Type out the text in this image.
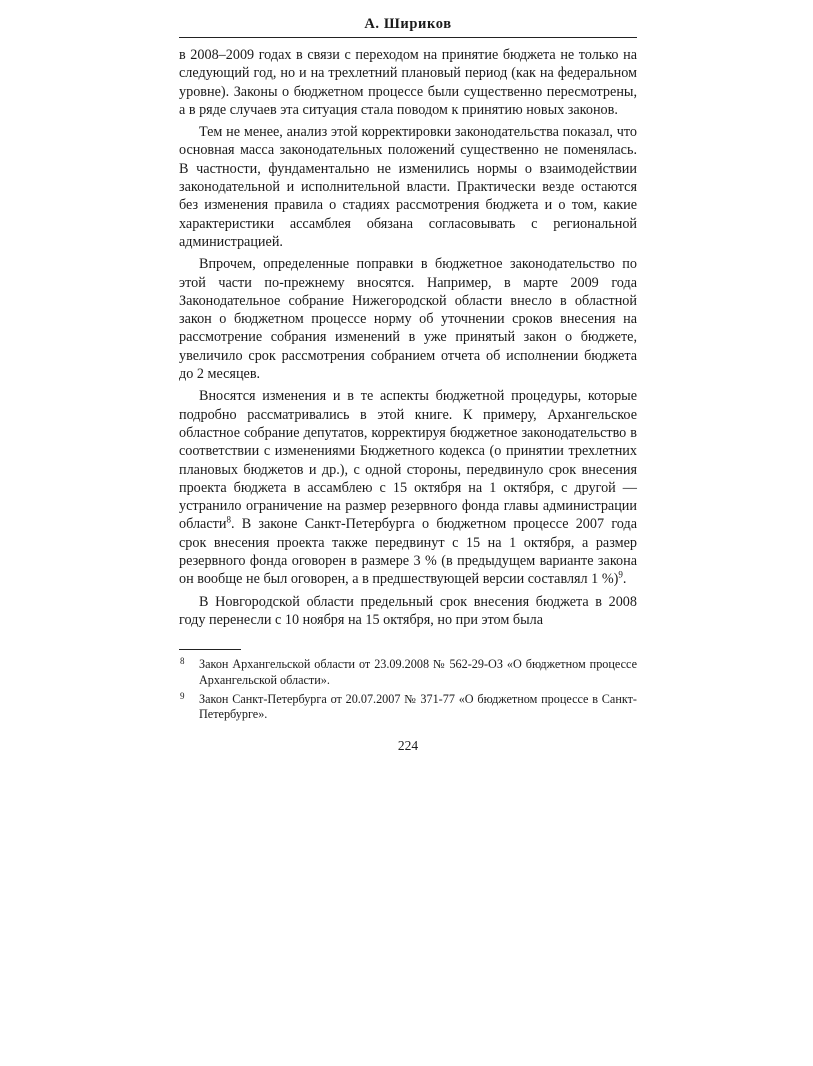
А. Шириков

в 2008–2009 годах в связи с переходом на принятие бюджета не только на следующий год, но и на трехлетний плановый период (как на федеральном уровне). Законы о бюджетном процессе были существенно пересмотрены, а в ряде случаев эта ситуация стала поводом к принятию новых законов.

Тем не менее, анализ этой корректировки законодательства показал, что основная масса законодательных положений существенно не поменялась. В частности, фундаментально не изменились нормы о взаимодействии законодательной и исполнительной власти. Практически везде остаются без изменения правила о стадиях рассмотрения бюджета и о том, какие характеристики ассамблея обязана согласовывать с региональной администрацией.

Впрочем, определенные поправки в бюджетное законодательство по этой части по-прежнему вносятся. Например, в марте 2009 года Законодательное собрание Нижегородской области внесло в областной закон о бюджетном процессе норму об уточнении сроков внесения на рассмотрение собрания изменений в уже принятый закон о бюджете, увеличило срок рассмотрения собранием отчета об исполнении бюджета до 2 месяцев.

Вносятся изменения и в те аспекты бюджетной процедуры, которые подробно рассматривались в этой книге. К примеру, Архангельское областное собрание депутатов, корректируя бюджетное законодательство в соответствии с изменениями Бюджетного кодекса (о принятии трехлетних плановых бюджетов и др.), с одной стороны, передвинуло срок внесения проекта бюджета в ассамблею с 15 октября на 1 октября, с другой — устранило ограничение на размер резервного фонда главы администрации области$^8$. В законе Санкт-Петербурга о бюджетном процессе 2007 года срок внесения проекта также передвинут с 15 на 1 октября, а размер резервного фонда оговорен в размере 3 % (в предыдущем варианте закона он вообще не был оговорен, а в предшествующей версии составлял 1 %)$^9$.

В Новгородской области предельный срок внесения бюджета в 2008 году перенесли с 10 ноября на 15 октября, но при этом была

8 Закон Архангельской области от 23.09.2008 № 562-29-ОЗ «О бюджетном процессе Архангельской области».
9 Закон Санкт-Петербурга от 20.07.2007 № 371-77 «О бюджетном процессе в Санкт-Петербурге».
224
